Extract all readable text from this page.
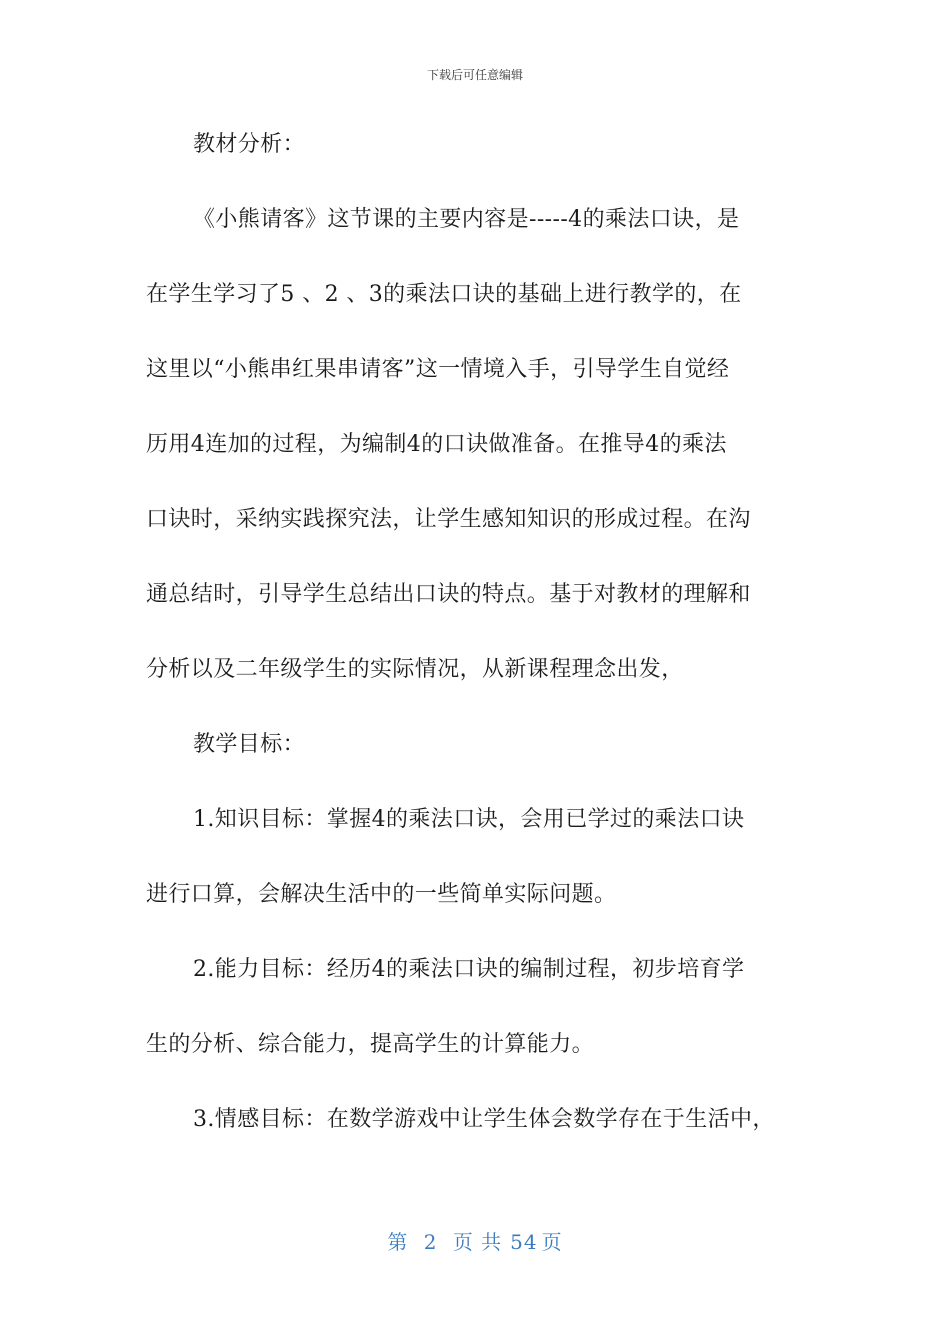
下载后可任意编辑
教材分析：
《小熊请客》这节课的主要内容是-----4的乘法口诀，是
在学生学习了5 、2 、3的乘法口诀的基础上进行教学的，在
这里以“小熊串红果串请客”这一情境入手，引导学生自觉经
历用4连加的过程，为编制4的口诀做准备。在推导4的乘法
口诀时，采纳实践探究法，让学生感知知识的形成过程。在沟
通总结时，引导学生总结出口诀的特点。基于对教材的理解和
分析以及二年级学生的实际情况，从新课程理念出发，
教学目标：
1.知识目标：掌握4的乘法口诀，会用已学过的乘法口诀
进行口算，会解决生活中的一些简单实际问题。
2.能力目标：经历4的乘法口诀的编制过程，初步培育学
生的分析、综合能力，提高学生的计算能力。
3.情感目标：在数学游戏中让学生体会数学存在于生活中，
第 2 页 共 54 页
